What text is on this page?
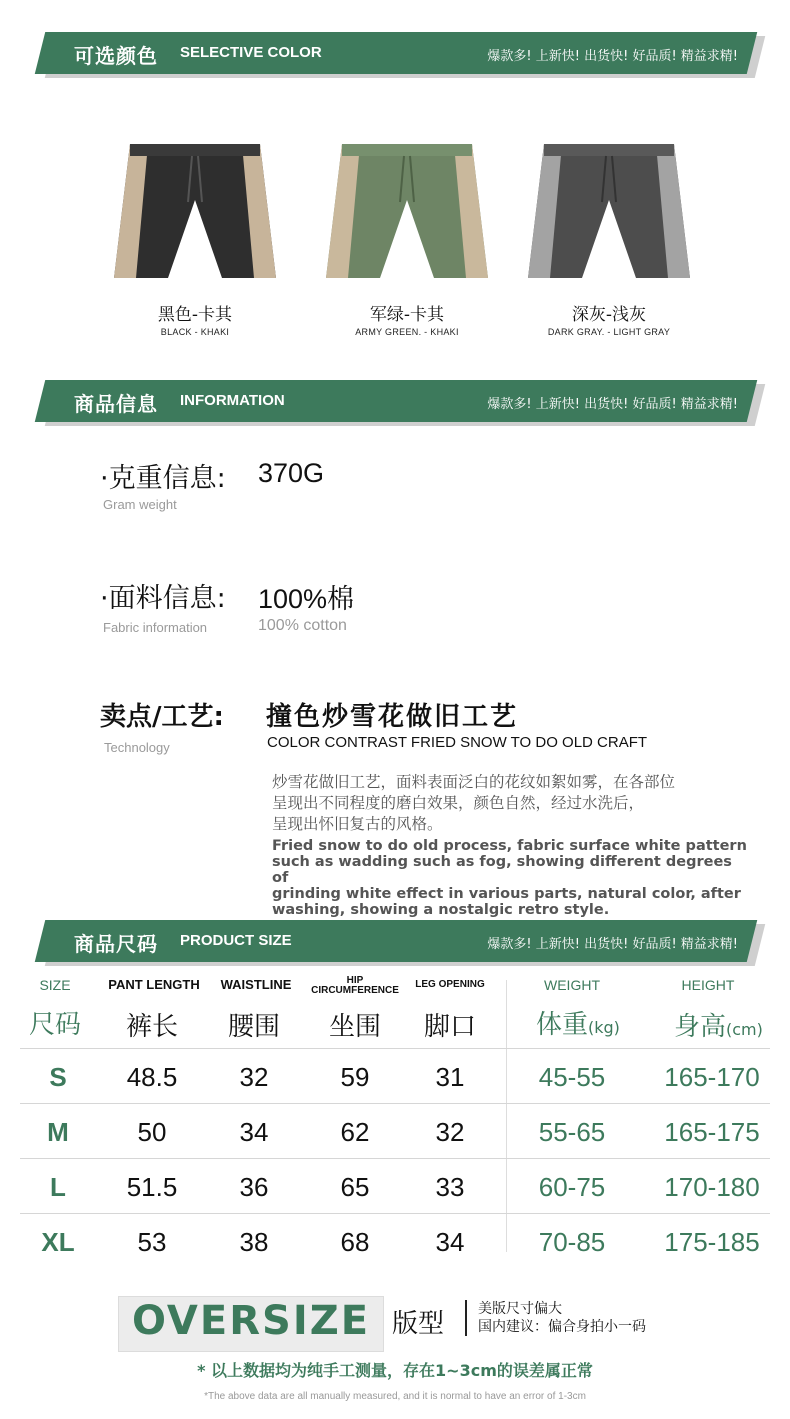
可选颜色 SELECTIVE COLOR	爆款多! 上新快! 出货快! 好品质! 精益求精!
黑色-卡其
BLACK - KHAKI
军绿-卡其
ARMY GREEN. - KHAKI
深灰-浅灰
DARK GRAY. - LIGHT GRAY
商品信息 INFORMATION	爆款多! 上新快! 出货快! 好品质! 精益求精!
·克重信息: 370G
Gram weight
·面料信息: 100%棉
Fabric information	100% cotton
卖点/工艺: 撞色炒雪花做旧工艺
Technology	COLOR CONTRAST FRIED SNOW TO DO OLD CRAFT
炒雪花做旧工艺，面料表面泛白的花纹如絮如雾，在各部位
呈现出不同程度的磨白效果，颜色自然，经过水洗后，
呈现出怀旧复古的风格。
Fried snow to do old process, fabric surface white pattern
such as wadding such as fog, showing different degrees of
grinding white effect in various parts, natural color, after
washing, showing a nostalgic retro style.
商品尺码 PRODUCT SIZE	爆款多! 上新快! 出货快! 好品质! 精益求精!
SIZE	PANT LENGTH	WAISTLINE	HIP
CIRCUMFERENCE
LEG OPENING	WEIGHT	HEIGHT
尺码	裤长	腰围	坐围	脚口	体重(kg)	身高(cm)
S	48.5	32	59	31	45-55	165-170
M	50	34	62	32	55-65	165-175
L	51.5	36	65	33	60-75	170-180
XL	53	38	68	34	70-85	175-185
OVERSIZE 版型 美版尺寸偏大
国内建议：偏合身拍小一码
* 以上数据均为纯手工测量，存在1~3cm的误差属正常
*The above data are all manually measured, and it is normal to have an error of 1-3cm
